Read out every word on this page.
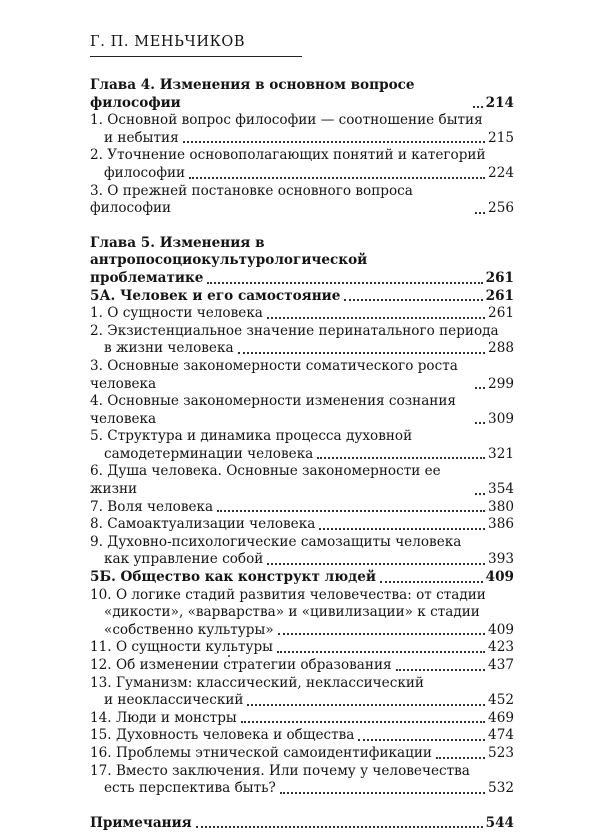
Г. П. МЕНЬЧИКОВ
Глава 4. Изменения в основном вопросе философии	214
1. Основной вопрос философии — соотношение бытия
и небытия	215
2. Уточнение основополагающих понятий и категорий
философии	224
3. О прежней постановке основного вопроса философии	256
Глава 5. Изменения в антропосоциокультурологической
проблематике	261
5А. Человек и его самостояние	261
1. О сущности человека	261
2. Экзистенциальное значение перинатального периода
в жизни человека	288
3. Основные закономерности соматического роста человека	299
4. Основные закономерности изменения сознания человека	309
5. Структура и динамика процесса духовной
самодетерминации человека	321
6. Душа человека. Основные закономерности ее жизни	354
7. Воля человека	380
8. Самоактуализации человека	386
9. Духовно-психологические самозащиты человека
как управление собой	393
5Б. Общество как конструкт людей	409
10. О логике стадий развития человечества: от стадии
«дикости», «варварства» и «цивилизации» к стадии
«собственно культуры»	409
11. О сущности культуры	423
12. Об изменении стратегии образования	437
13. Гуманизм: классический, неклассический
и неоклассический	452
14. Люди и монстры	469
15. Духовность человека и общества	474
16. Проблемы этнической самоидентификации	523
17. Вместо заключения. Или почему у человечества
есть перспектива быть?	532
Примечания	544
